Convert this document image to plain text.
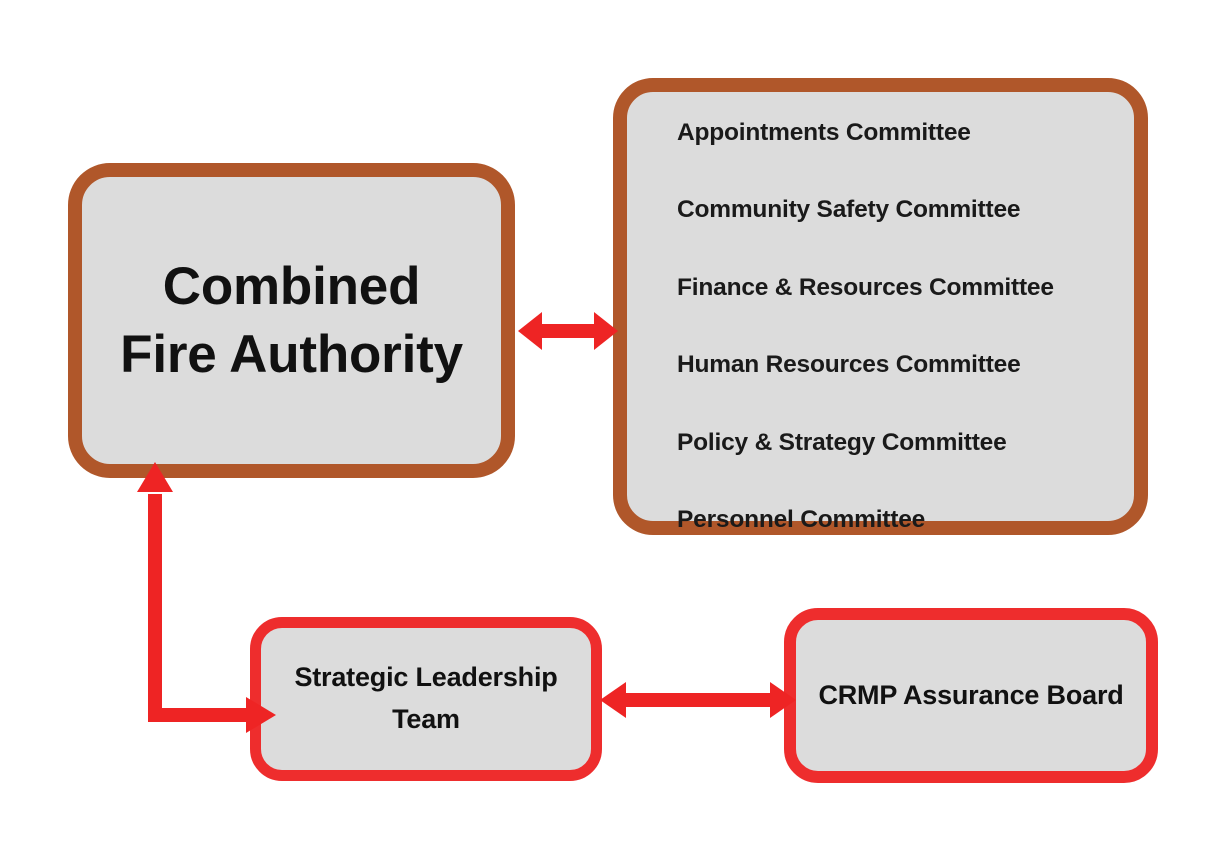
Combined Fire Authority
Appointments Committee
Community Safety Committee
Finance & Resources Committee
Human Resources Committee
Policy & Strategy Committee
Personnel Committee
Strategic Leadership Team
CRMP Assurance Board
